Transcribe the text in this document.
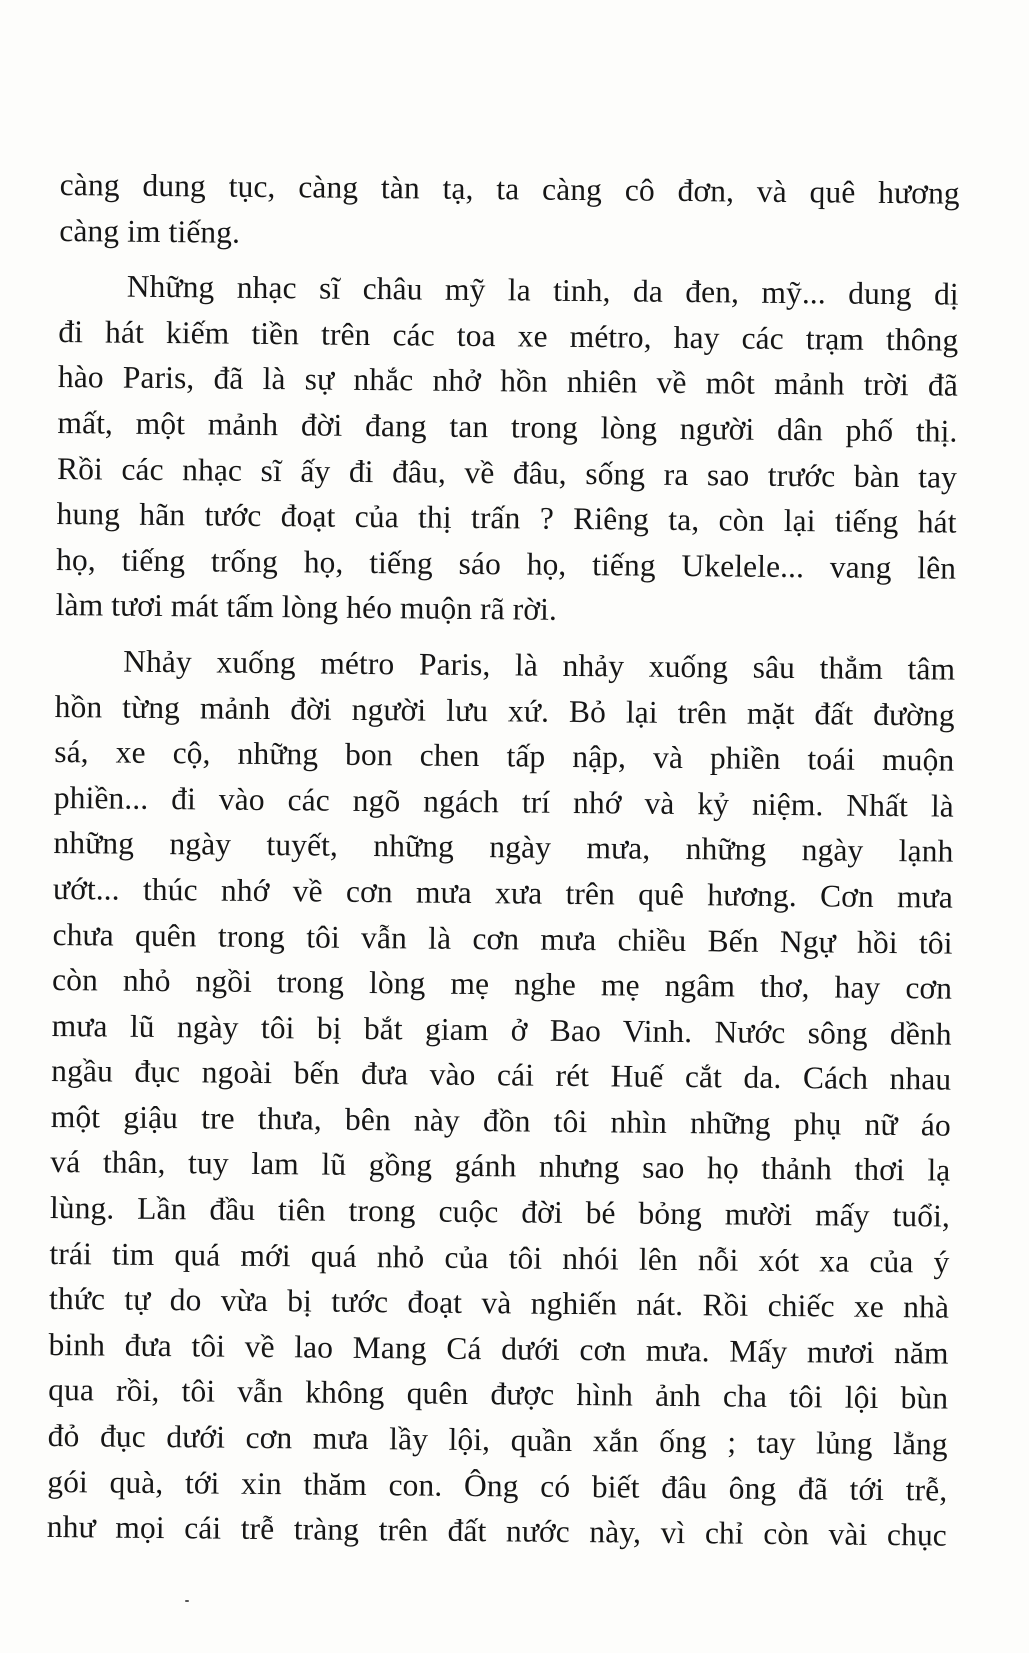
càng dung tục, càng tàn tạ, ta càng cô đơn, và quê hương
càng im tiếng.
Những nhạc sĩ châu mỹ la tinh, da đen, mỹ... dung dị
đi hát kiếm tiền trên các toa xe métro, hay các trạm thông
hào Paris, đã là sự nhắc nhở hồn nhiên về môt mảnh trời đã
mất, một mảnh đời đang tan trong lòng người dân phố thị.
Rồi các nhạc sĩ ấy đi đâu, về đâu, sống ra sao trước bàn tay
hung hãn tước đoạt của thị trấn ? Riêng ta, còn lại tiếng hát
họ, tiếng trống họ, tiếng sáo họ, tiếng Ukelele... vang lên
làm tươi mát tấm lòng héo muộn rã rời.
Nhảy xuống métro Paris, là nhảy xuống sâu thẳm tâm
hồn từng mảnh đời người lưu xứ. Bỏ lại trên mặt đất đường
sá, xe cộ, những bon chen tấp nập, và phiền toái muộn
phiền... đi vào các ngõ ngách trí nhớ và kỷ niệm. Nhất là
những ngày tuyết, những ngày mưa, những ngày lạnh
ướt... thúc nhớ về cơn mưa xưa trên quê hương. Cơn mưa
chưa quên trong tôi vẫn là cơn mưa chiều Bến Ngự hồi tôi
còn nhỏ ngồi trong lòng mẹ nghe mẹ ngâm thơ, hay cơn
mưa lũ ngày tôi bị bắt giam ở Bao Vinh. Nước sông dềnh
ngầu đục ngoài bến đưa vào cái rét Huế cắt da. Cách nhau
một giậu tre thưa, bên này đồn tôi nhìn những phụ nữ áo
vá thân, tuy lam lũ gồng gánh nhưng sao họ thảnh thơi lạ
lùng. Lần đầu tiên trong cuộc đời bé bỏng mười mấy tuổi,
trái tim quá mới quá nhỏ của tôi nhói lên nỗi xót xa của ý
thức tự do vừa bị tước đoạt và nghiến nát. Rồi chiếc xe nhà
binh đưa tôi về lao Mang Cá dưới cơn mưa. Mấy mươi năm
qua rồi, tôi vẫn không quên được hình ảnh cha tôi lội bùn
đỏ đục dưới cơn mưa lầy lội, quần xắn ống ; tay lủng lẳng
gói quà, tới xin thăm con. Ông có biết đâu ông đã tới trễ,
như mọi cái trễ tràng trên đất nước này, vì chỉ còn vài chục
